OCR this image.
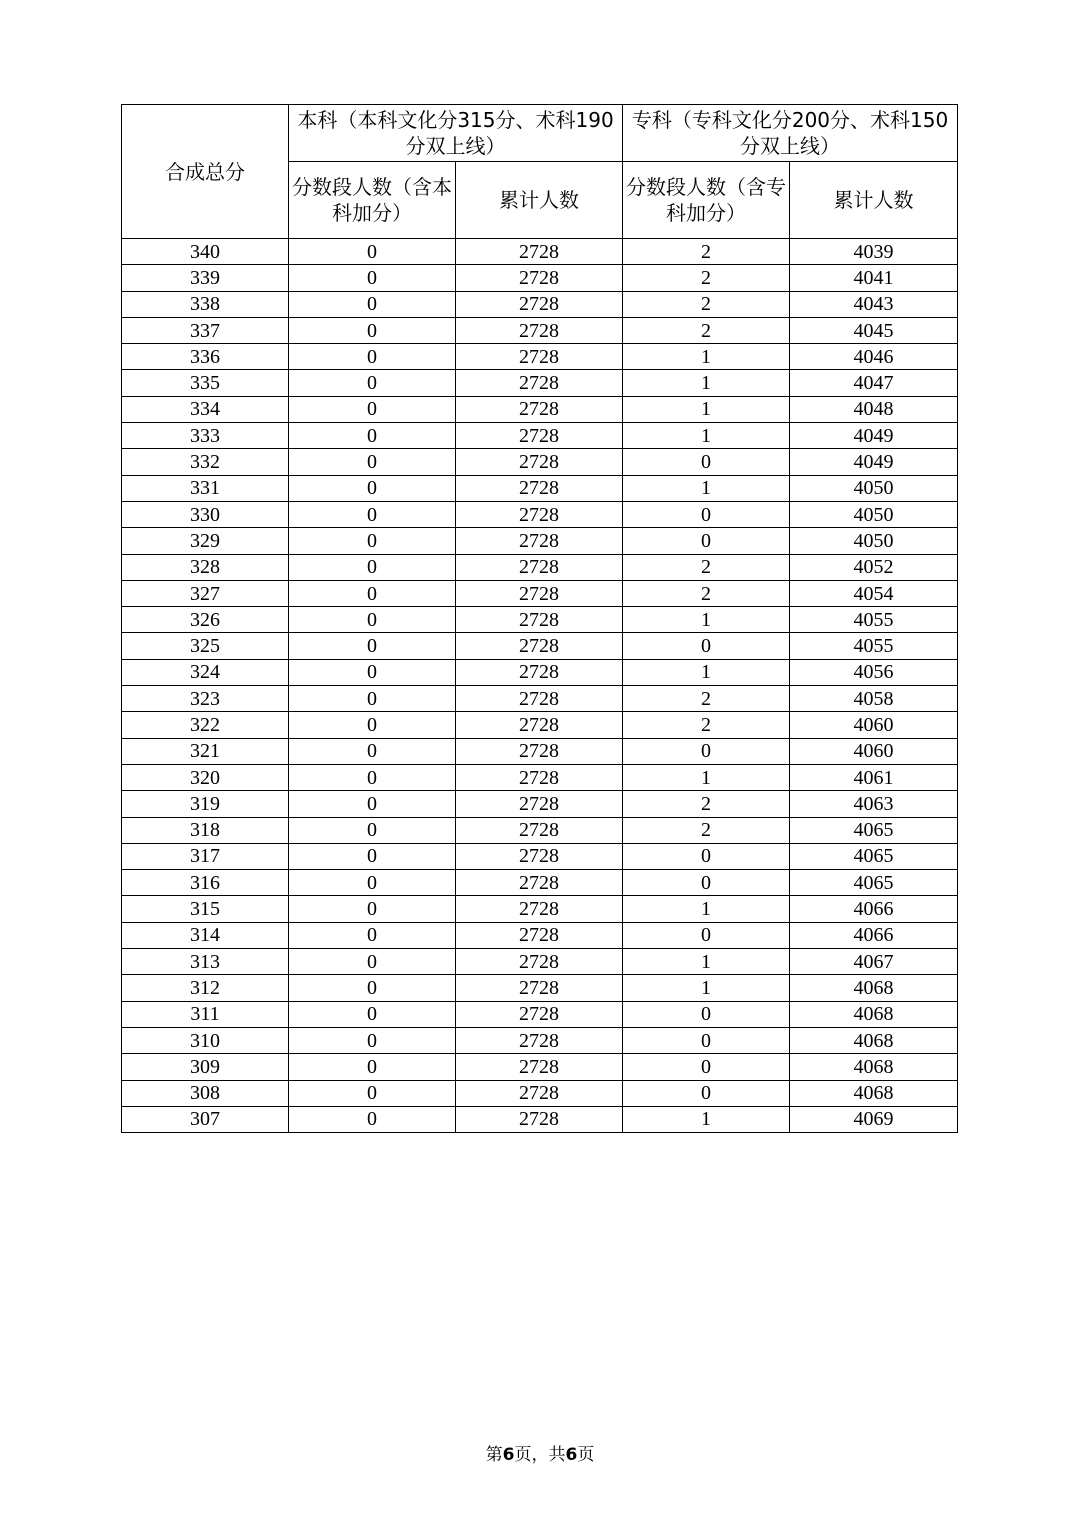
合成总分	本科（本科文化分315分、术科190分双上线）		专科（专科文化分200分、术科150分双上线）	
	分数段人数（含本科加分）	累计人数	分数段人数（含专科加分）	累计人数
340	0	2728	2	4039
339	0	2728	2	4041
338	0	2728	2	4043
337	0	2728	2	4045
336	0	2728	1	4046
335	0	2728	1	4047
334	0	2728	1	4048
333	0	2728	1	4049
332	0	2728	0	4049
331	0	2728	1	4050
330	0	2728	0	4050
329	0	2728	0	4050
328	0	2728	2	4052
327	0	2728	2	4054
326	0	2728	1	4055
325	0	2728	0	4055
324	0	2728	1	4056
323	0	2728	2	4058
322	0	2728	2	4060
321	0	2728	0	4060
320	0	2728	1	4061
319	0	2728	2	4063
318	0	2728	2	4065
317	0	2728	0	4065
316	0	2728	0	4065
315	0	2728	1	4066
314	0	2728	0	4066
313	0	2728	1	4067
312	0	2728	1	4068
311	0	2728	0	4068
310	0	2728	0	4068
309	0	2728	0	4068
308	0	2728	0	4068
307	0	2728	1	4069
第6页，共6页
